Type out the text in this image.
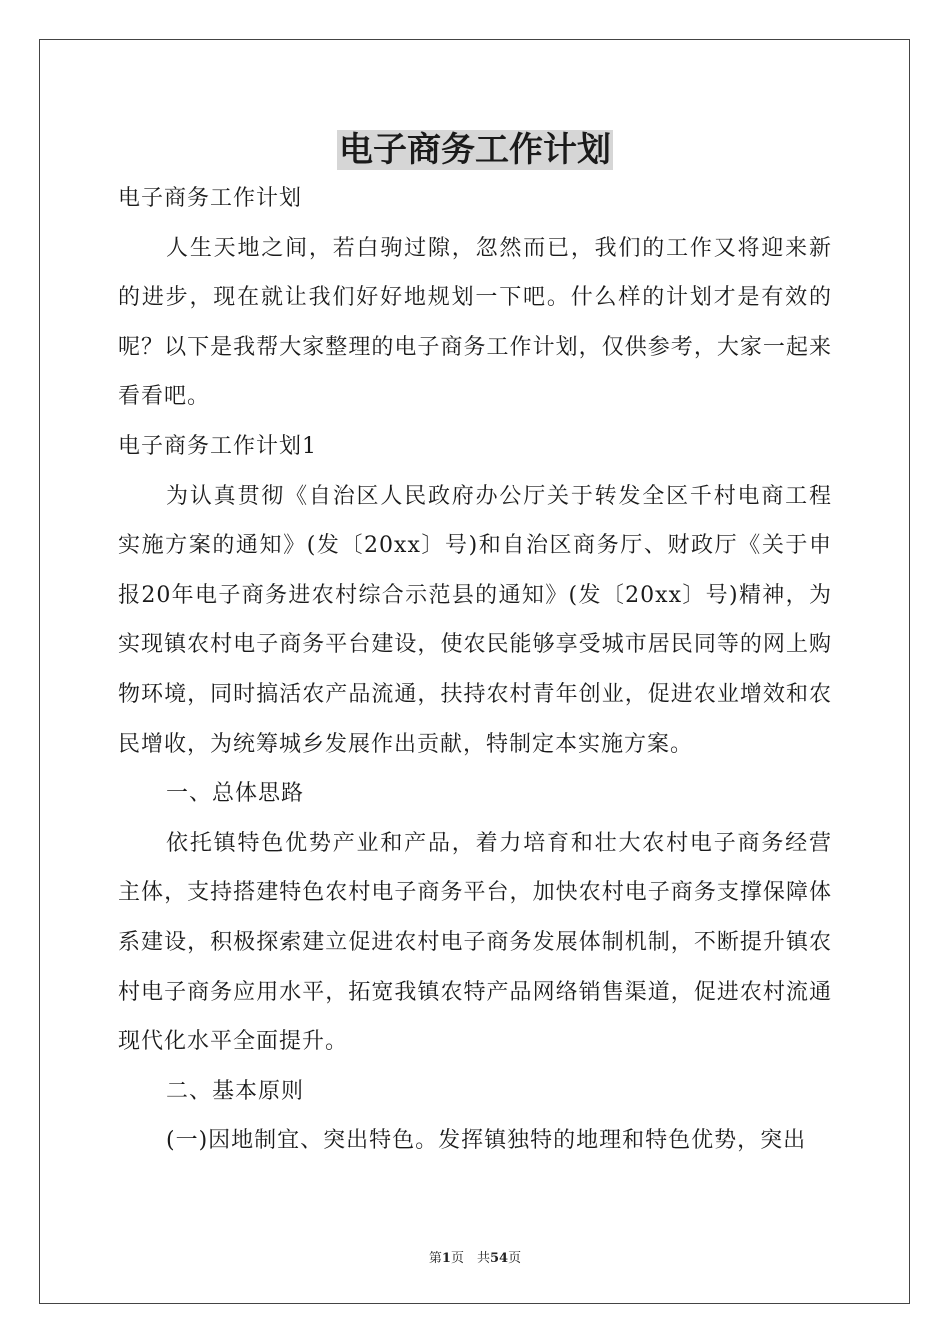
电子商务工作计划

电子商务工作计划

人生天地之间，若白驹过隙，忽然而已，我们的工作又将迎来新的进步，现在就让我们好好地规划一下吧。什么样的计划才是有效的呢？以下是我帮大家整理的电子商务工作计划，仅供参考，大家一起来看看吧。

电子商务工作计划1

为认真贯彻《自治区人民政府办公厅关于转发全区千村电商工程实施方案的通知》(发〔20xx〕号)和自治区商务厅、财政厅《关于申报20年电子商务进农村综合示范县的通知》(发〔20xx〕号)精神，为实现镇农村电子商务平台建设，使农民能够享受城市居民同等的网上购物环境，同时搞活农产品流通，扶持农村青年创业，促进农业增效和农民增收，为统筹城乡发展作出贡献，特制定本实施方案。

一、总体思路

依托镇特色优势产业和产品，着力培育和壮大农村电子商务经营主体，支持搭建特色农村电子商务平台，加快农村电子商务支撑保障体系建设，积极探索建立促进农村电子商务发展体制机制，不断提升镇农村电子商务应用水平，拓宽我镇农特产品网络销售渠道，促进农村流通现代化水平全面提升。

二、基本原则

(一)因地制宜、突出特色。发挥镇独特的地理和特色优势，突出

第1页　共54页
